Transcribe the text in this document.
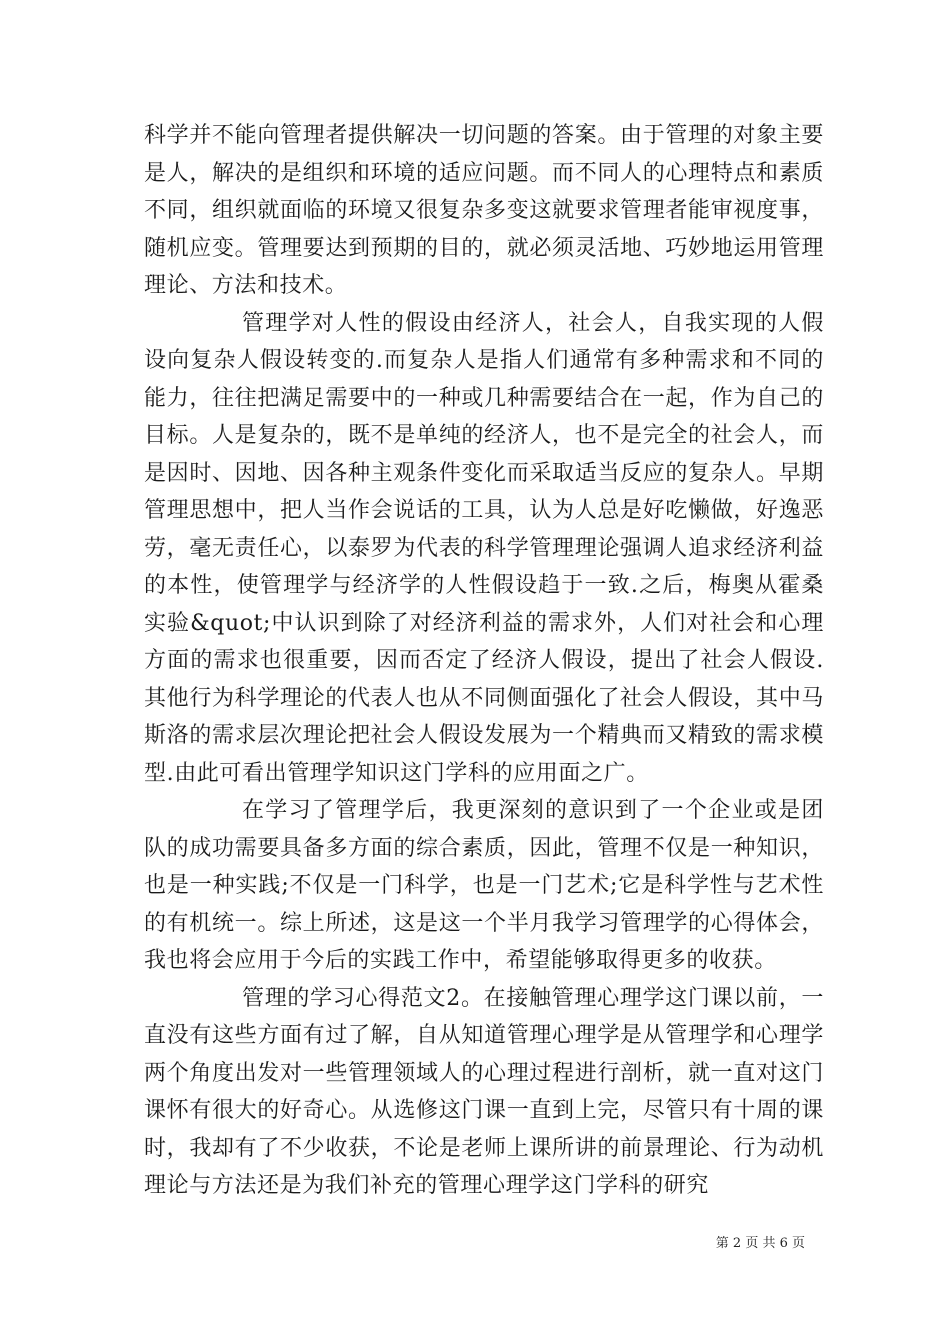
科学并不能向管理者提供解决一切问题的答案。由于管理的对象主要是人，解决的是组织和环境的适应问题。而不同人的心理特点和素质不同，组织就面临的环境又很复杂多变这就要求管理者能审视度事，随机应变。管理要达到预期的目的，就必须灵活地、巧妙地运用管理理论、方法和技术。

管理学对人性的假设由经济人，社会人，自我实现的人假设向复杂人假设转变的.而复杂人是指人们通常有多种需求和不同的能力，往往把满足需要中的一种或几种需要结合在一起，作为自己的目标。人是复杂的，既不是单纯的经济人，也不是完全的社会人，而是因时、因地、因各种主观条件变化而采取适当反应的复杂人。早期管理思想中，把人当作会说话的工具，认为人总是好吃懒做，好逸恶劳，毫无责任心，以泰罗为代表的科学管理理论强调人追求经济利益的本性，使管理学与经济学的人性假设趋于一致.之后，梅奥从霍桑实验&quot;中认识到除了对经济利益的需求外，人们对社会和心理方面的需求也很重要，因而否定了经济人假设，提出了社会人假设.其他行为科学理论的代表人也从不同侧面强化了社会人假设，其中马斯洛的需求层次理论把社会人假设发展为一个精典而又精致的需求模型.由此可看出管理学知识这门学科的应用面之广。

在学习了管理学后，我更深刻的意识到了一个企业或是团队的成功需要具备多方面的综合素质，因此，管理不仅是一种知识，也是一种实践;不仅是一门科学，也是一门艺术;它是科学性与艺术性的有机统一。综上所述，这是这一个半月我学习管理学的心得体会，我也将会应用于今后的实践工作中，希望能够取得更多的收获。

管理的学习心得范文2。在接触管理心理学这门课以前，一直没有这些方面有过了解，自从知道管理心理学是从管理学和心理学两个角度出发对一些管理领域人的心理过程进行剖析，就一直对这门课怀有很大的好奇心。从选修这门课一直到上完，尽管只有十周的课时，我却有了不少收获，不论是老师上课所讲的前景理论、行为动机理论与方法还是为我们补充的管理心理学这门学科的研究

第 2 页 共 6 页
